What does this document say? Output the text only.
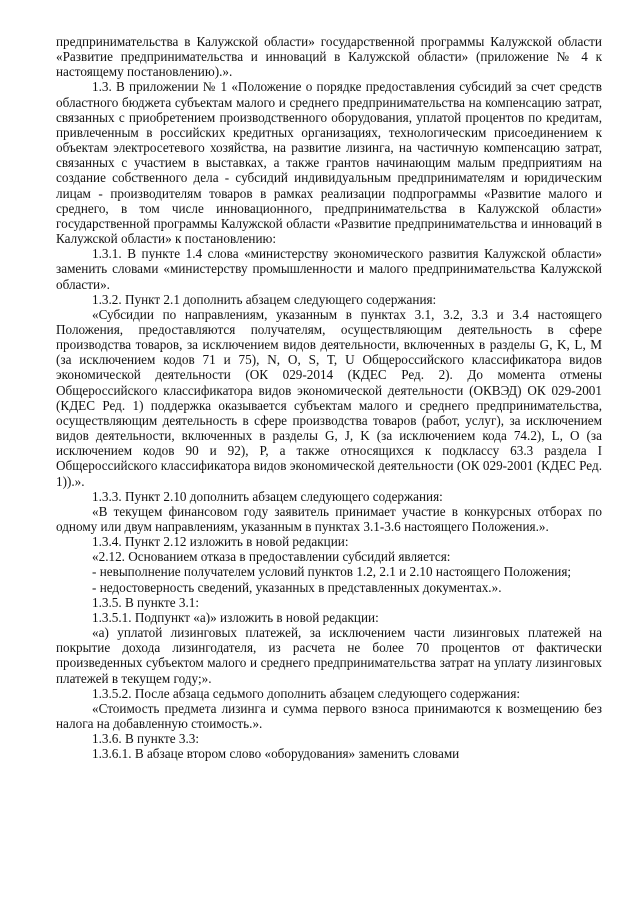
предпринимательства в Калужской области» государственной программы Калужской области «Развитие предпринимательства и инноваций в Калужской области» (приложение № 4 к настоящему постановлению).».

1.3. В приложении № 1 «Положение о порядке предоставления субсидий за счет средств областного бюджета субъектам малого и среднего предпринимательства на компенсацию затрат, связанных с приобретением производственного оборудования, уплатой процентов по кредитам, привлеченным в российских кредитных организациях, технологическим присоединением к объектам электросетевого хозяйства, на развитие лизинга, на частичную компенсацию затрат, связанных с участием в выставках, а также грантов начинающим малым предприятиям на создание собственного дела - субсидий индивидуальным предпринимателям и юридическим лицам - производителям товаров в рамках реализации подпрограммы «Развитие малого и среднего, в том числе инновационного, предпринимательства в Калужской области» государственной программы Калужской области «Развитие предпринимательства и инноваций в Калужской области» к постановлению:

1.3.1. В пункте 1.4 слова «министерству экономического развития Калужской области» заменить словами «министерству промышленности и малого предпринимательства Калужской области».

1.3.2. Пункт 2.1 дополнить абзацем следующего содержания:

«Субсидии по направлениям, указанным в пунктах 3.1, 3.2, 3.3 и 3.4 настоящего Положения, предоставляются получателям, осуществляющим деятельность в сфере производства товаров, за исключением видов деятельности, включенных в разделы G, K, L, M (за исключением кодов 71 и 75), N, O, S, T, U Общероссийского классификатора видов экономической деятельности (ОК 029-2014 (КДЕС Ред. 2). До момента отмены Общероссийского классификатора видов экономической деятельности (ОКВЭД) ОК 029-2001 (КДЕС Ред. 1) поддержка оказывается субъектам малого и среднего предпринимательства, осуществляющим деятельность в сфере производства товаров (работ, услуг), за исключением видов деятельности, включенных в разделы G, J, K (за исключением кода 74.2), L, O (за исключением кодов 90 и 92), P, а также относящихся к подклассу 63.3 раздела I Общероссийского классификатора видов экономической деятельности (ОК 029-2001 (КДЕС Ред. 1)).».

1.3.3. Пункт 2.10 дополнить абзацем следующего содержания:

«В текущем финансовом году заявитель принимает участие в конкурсных отборах по одному или двум направлениям, указанным в пунктах 3.1-3.6 настоящего Положения.».

1.3.4. Пункт 2.12 изложить в новой редакции:

«2.12. Основанием отказа в предоставлении субсидий является:

- невыполнение получателем условий пунктов 1.2, 2.1 и 2.10 настоящего Положения;

- недостоверность сведений, указанных в представленных документах.».

1.3.5. В пункте 3.1:

1.3.5.1. Подпункт «а)» изложить в новой редакции:

«а) уплатой лизинговых платежей, за исключением части лизинговых платежей на покрытие дохода лизингодателя, из расчета не более 70 процентов от фактически произведенных субъектом малого и среднего предпринимательства затрат на уплату лизинговых платежей в текущем году;».

1.3.5.2. После абзаца седьмого дополнить абзацем следующего содержания:

«Стоимость предмета лизинга и сумма первого взноса принимаются к возмещению без налога на добавленную стоимость.».

1.3.6. В пункте 3.3:

1.3.6.1. В абзаце втором слово «оборудования» заменить словами
